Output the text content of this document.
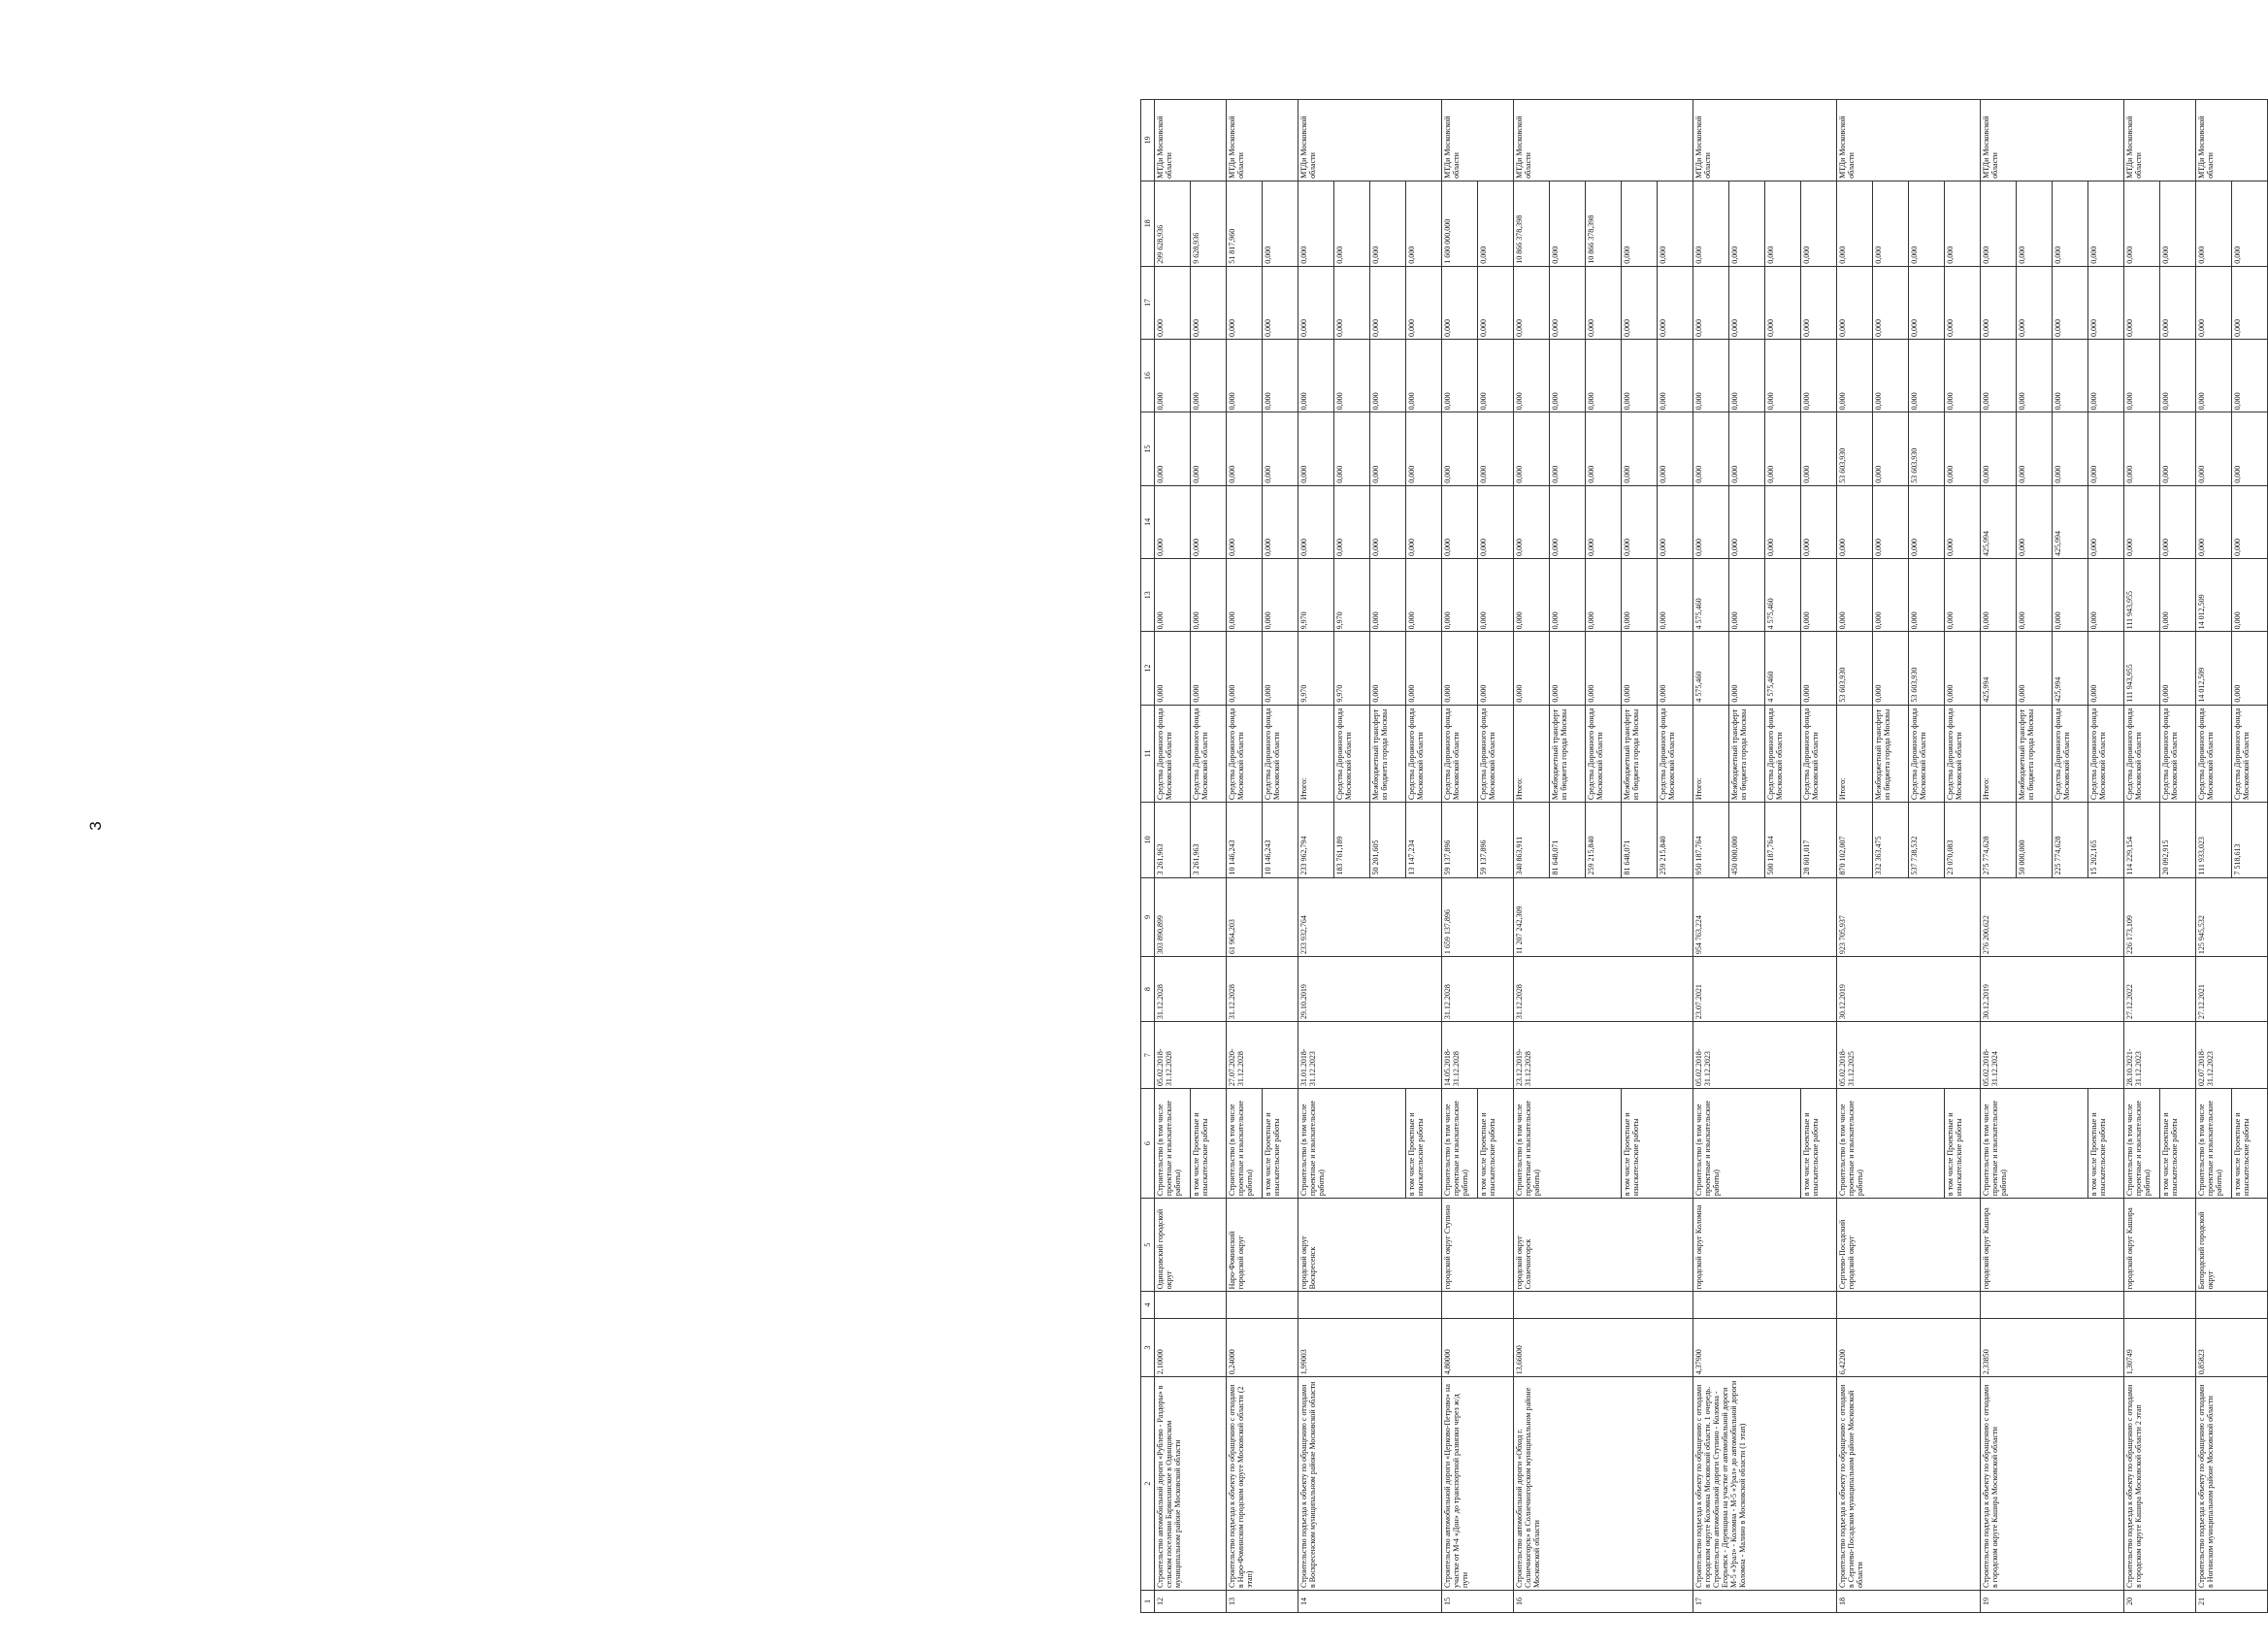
3
1	2	3	4	5	6	7	8	9	10	11	12	13	14	15	16	17	18	19
12	Строительство автомобильной дороги «Рублево - Раздоры» в сельском поселении Барвихинское в Одинцовском муниципальном районе Московской области	2,10000		Одинцовский городской округ	Строительство (в том числе проектные и изыскательские работы)	05.02.2018-31.12.2028	31.12.2028	303 890,899	3 261,963	Средства Дорожного фонда Московской области	0,000	0,000	0,000	0,000	0,000	0,000	299 628,936	МТДи Московской области
					в том числе Проектные и изыскательские работы				3 261,963	Средства Дорожного фонда Московской области	0,000	0,000	0,000	0,000	0,000	0,000	9 628,936	
13	Строительство подъезда к объекту по обращению с отходами в Наро-Фоминском городском округе Московской области (2 этап)	0,24000		Наро-Фоминский городской округ	Строительство (в том числе проектные и изыскательские работы)	27.07.2020-31.12.2028	31.12.2028	61 964,203	10 146,243	Средства Дорожного фонда Московской области	0,000	0,000	0,000	0,000	0,000	0,000	51 817,960	МТДи Московской области
					в том числе Проектные и изыскательские работы				10 146,243	Средства Дорожного фонда Московской области	0,000	0,000	0,000	0,000	0,000	0,000	0,000	
14	Строительство подъезда к объекту по обращению с отходами в Воскресенском муниципальном районе Московской области	1,99003		городской округ Воскресенск	Строительство (в том числе проектные и изыскательские работы)	31.01.2018-31.12.2023	29.10.2019	233 932,764	233 962,794	Итого:	9,970	9,970	0,000	0,000	0,000	0,000	0,000	МТДи Московской области
									183 761,189	Средства Дорожного фонда Московской области	9,970	9,970	0,000	0,000	0,000	0,000	0,000	
									50 201,605	Межбюджетный трансферт из бюджета города Москвы	0,000	0,000	0,000	0,000	0,000	0,000	0,000	
					в том числе Проектные и изыскательские работы				13 147,234	Средства Дорожного фонда Московской области	0,000	0,000	0,000	0,000	0,000	0,000	0,000	
15	Строительство автомобильной дороги «Церково-Петрово» на участке от М-4 «Дон» до транспортной развязки через ж/д пути	4,80000		городской округ Ступино	Строительство (в том числе проектные и изыскательские работы)	14.05.2018-31.12.2028	31.12.2028	1 659 137,896	59 137,896	Средства Дорожного фонда Московской области	0,000	0,000	0,000	0,000	0,000	0,000	1 600 000,000	МТДи Московской области
					в том числе Проектные и изыскательские работы				59 137,896	Средства Дорожного фонда Московской области	0,000	0,000	0,000	0,000	0,000	0,000	0,000	
16	Строительство автомобильной дороги «Обход г. Солнечногорск» в Солнечногорском муниципальном районе Московской области	13,66000		городской округ Солнечногорск	Строительство (в том числе проектные и изыскательские работы)	23.12.2019-31.12.2028	31.12.2028	11 207 242,309	340 863,911	Итого:	0,000	0,000	0,000	0,000	0,000	0,000	10 866 378,398	МТДи Московской области
									81 648,071	Межбюджетный трансферт из бюджета города Москвы	0,000	0,000	0,000	0,000	0,000	0,000	0,000	
									259 215,840	Средства Дорожного фонда Московской области	0,000	0,000	0,000	0,000	0,000	0,000	10 866 378,398	
					в том числе Проектные и изыскательские работы				81 648,071	Межбюджетный трансферт из бюджета города Москвы	0,000	0,000	0,000	0,000	0,000	0,000	0,000	
									259 215,840	Средства Дорожного фонда Московской области	0,000	0,000	0,000	0,000	0,000	0,000	0,000	
17	Строительство подъезда к объекту по обращению с отходами в городском округе Коломна Московской области. 1 очередь. Строительство автомобильной дороги Ступино - Коломна - Егорьевск - Деревщина на участке от автомобильной дороги М-5 «Урал» - Коломна - М-5 «Урал» до автомобильной дороги Коломна - Малино в Московской области (1 этап)	4,37900		городской округ Коломна	Строительство (в том числе проектные и изыскательские работы)	05.02.2018-31.12.2023	23.07.2021	954 763,224	950 187,764	Итого:	4 575,460	4 575,460	0,000	0,000	0,000	0,000	0,000	МТДи Московской области
									450 000,000	Межбюджетный трансферт из бюджета города Москвы	0,000	0,000	0,000	0,000	0,000	0,000	0,000	
									500 187,764	Средства Дорожного фонда Московской области	4 575,460	4 575,460	0,000	0,000	0,000	0,000	0,000	
					в том числе Проектные и изыскательские работы				28 601,017	Средства Дорожного фонда Московской области	0,000	0,000	0,000	0,000	0,000	0,000	0,000	
18	Строительство подъезда к объекту по обращению с отходами в Сергиево-Посадском муниципальном районе Московской области	6,42200		Сергиево-Посадский городской округ	Строительство (в том числе проектные и изыскательские работы)	05.02.2018-31.12.2025	30.12.2019	923 705,937	870 102,007	Итого:	53 603,930	0,000	0,000	53 603,930	0,000	0,000	0,000	МТДи Московской области
									332 363,475	Межбюджетный трансферт из бюджета города Москвы	0,000	0,000	0,000	0,000	0,000	0,000	0,000	
									537 738,532	Средства Дорожного фонда Московской области	53 603,930	0,000	0,000	53 603,930	0,000	0,000	0,000	
					в том числе Проектные и изыскательские работы				23 070,083	Средства Дорожного фонда Московской области	0,000	0,000	0,000	0,000	0,000	0,000	0,000	
19	Строительство подъезда к объекту по обращению с отходами в городском округе Кашира Московской области	2,33850		городской округ Кашира	Строительство (в том числе проектные и изыскательские работы)	05.02.2018-31.12.2024	30.12.2019	276 200,622	275 774,628	Итого:	425,994	0,000	425,994	0,000	0,000	0,000	0,000	МТДи Московской области
									50 000,000	Межбюджетный трансферт из бюджета города Москвы	0,000	0,000	0,000	0,000	0,000	0,000	0,000	
									225 774,628	Средства Дорожного фонда Московской области	425,994	0,000	425,994	0,000	0,000	0,000	0,000	
					в том числе Проектные и изыскательские работы				15 202,165	Средства Дорожного фонда Московской области	0,000	0,000	0,000	0,000	0,000	0,000	0,000	
20	Строительство подъезда к объекту по обращению с отходами в городском округе Кашира Московской области 2 этап	1,30749		городской округ Кашира	Строительство (в том числе проектные и изыскательские работы)	28.10.2021-31.12.2023	27.12.2022	226 173,109	114 229,154	Средства Дорожного фонда Московской области	111 943,955	111 943,955	0,000	0,000	0,000	0,000	0,000	МТДи Московской области
					в том числе Проектные и изыскательские работы				20 092,915	Средства Дорожного фонда Московской области	0,000	0,000	0,000	0,000	0,000	0,000	0,000	
21	Строительство подъезда к объекту по обращению с отходами в Ногинском муниципальном районе Московской области	0,85823		Богородский городской округ	Строительство (в том числе проектные и изыскательские работы)	02.07.2018-31.12.2023	27.12.2021	125 945,532	111 933,023	Средства Дорожного фонда Московской области	14 012,509	14 012,509	0,000	0,000	0,000	0,000	0,000	МТДи Московской области
					в том числе Проектные и изыскательские работы				7 518,613	Средства Дорожного фонда Московской области	0,000	0,000	0,000	0,000	0,000	0,000	0,000	
